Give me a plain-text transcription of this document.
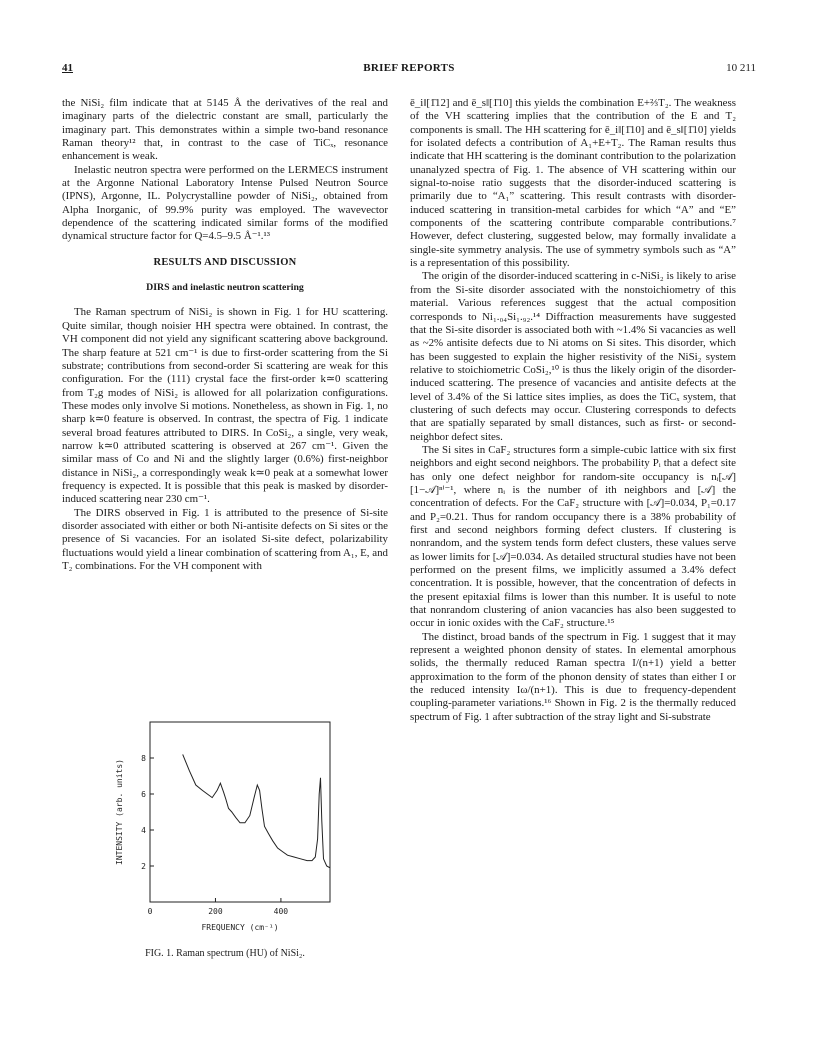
41	BRIEF REPORTS	10 211

the NiSi₂ film indicate that at 5145 Å the derivatives of the real and imaginary parts of the dielectric constant are small, particularly the imaginary part. This demonstrates within a simple two-band resonance Raman theory¹² that, in contrast to the case of TiCₓ, resonance enhancement is weak.

Inelastic neutron spectra were performed on the LERMECS instrument at the Argonne National Laboratory Intense Pulsed Neutron Source (IPNS), Argonne, IL. Polycrystalline powder of NiSi₂, obtained from Alpha Inorganic, of 99.9% purity was employed. The wavevector dependence of the scattering indicated similar forms of the modified dynamical structure factor for Q=4.5–9.5 Å⁻¹.¹³

RESULTS AND DISCUSSION
DIRS and inelastic neutron scattering

The Raman spectrum of NiSi₂ is shown in Fig. 1 for HU scattering. Quite similar, though noisier HH spectra were obtained. In contrast, the VH component did not yield any significant scattering above background. The sharp feature at 521 cm⁻¹ is due to first-order scattering from the Si substrate; contributions from second-order Si scattering are weak for this configuration. For the (111) crystal face the first-order k≃0 scattering from T₂g modes of NiSi₂ is allowed for all polarization configurations. These modes only involve Si motions. Nonetheless, as shown in Fig. 1, no sharp k≃0 feature is observed. In contrast, the spectra of Fig. 1 indicate several broad features attributed to DIRS. In CoSi₂, a single, very weak, narrow k≃0 attributed scattering is observed at 267 cm⁻¹. Given the similar mass of Co and Ni and the slightly larger (0.6%) first-neighbor distance in NiSi₂, a correspondingly weak k≃0 peak at a somewhat lower frequency is expected. It is possible that this peak is masked by disorder-induced scattering near 230 cm⁻¹.

The DIRS observed in Fig. 1 is attributed to the presence of Si-site disorder associated with either or both Ni-antisite defects on Si sites or the presence of Si vacancies. For an isolated Si-site defect, polarizability fluctuations would yield a linear combination of scattering from A₁, E, and T₂ combinations. For the VH component with

2
4
6
8
0	200	400
INTENSITY (arb. units)
FREQUENCY (cm⁻¹)
FIG. 1. Raman spectrum (HU) of NiSi₂.

ē_i‖[1̄12] and ē_s‖[1̄10] this yields the combination E+⅔T₂. The weakness of the VH scattering implies that the contribution of the E and T₂ components is small. The HH scattering for ē_i‖[1̄10] and ē_s‖[1̄10] yields for isolated defects a contribution of A₁+E+T₂. The Raman results thus indicate that HH scattering is the dominant contribution to the polarization unanalyzed spectra of Fig. 1. The absence of VH scattering within our signal-to-noise ratio suggests that the disorder-induced scattering is primarily due to “A₁” scattering. This result contrasts with disorder-induced scattering in transition-metal carbides for which “A” and “E” components of the scattering contribute comparable contributions.⁷ However, defect clustering, suggested below, may formally invalidate a single-site symmetry analysis. The use of symmetry symbols such as “A” is a representation of this possibility.

The origin of the disorder-induced scattering in c-NiSi₂ is likely to arise from the Si-site disorder associated with the nonstoichiometry of this material. Various references suggest that the actual composition corresponds to Ni₁.₀₄Si₁.₉₂.¹⁴ Diffraction measurements have suggested that the Si-site disorder is associated both with ~1.4% Si vacancies as well as ~2% antisite defects due to Ni atoms on Si sites. This disorder, which has been suggested to explain the higher resistivity of the NiSi₂ system relative to stoichiometric CoSi₂,¹⁰ is thus the likely origin of the disorder-induced scattering. The presence of vacancies and antisite defects at the level of 3.4% of the Si lattice sites implies, as does the TiCₓ system, that clustering of such defects may occur. Clustering corresponds to defects that are spatially separated by small distances, such as first- or second-neighbor defect sites.

The Si sites in CaF₂ structures form a simple-cubic lattice with six first neighbors and eight second neighbors. The probability Pᵢ that a defect site has only one defect neighbor for random-site occupancy is nᵢ[𝒜][1−𝒜]ⁿⁱ⁻¹, where nᵢ is the number of ith neighbors and [𝒜] the concentration of defects. For the CaF₂ structure with [𝒜]=0.034, P₁=0.17 and P₂=0.21. Thus for random occupancy there is a 38% probability of first and second neighbors forming defect clusters. If clustering is nonrandom, and the system tends form defect clusters, these values serve as lower limits for [𝒜]=0.034. As detailed structural studies have not been performed on the present films, we implicitly assumed a 3.4% defect concentration. It is possible, however, that the concentration of defects in the present epitaxial films is lower than this number. It is useful to note that nonrandom clustering of anion vacancies has also been suggested to occur in ionic oxides with the CaF₂ structure.¹⁵

The distinct, broad bands of the spectrum in Fig. 1 suggest that it may represent a weighted phonon density of states. In elemental amorphous solids, the thermally reduced Raman spectra I/(n+1) yield a better approximation to the form of the phonon density of states than either I or the reduced intensity Iω/(n+1). This is due to frequency-dependent coupling-parameter variations.¹⁶ Shown in Fig. 2 is the thermally reduced spectrum of Fig. 1 after subtraction of the stray light and Si-substrate
